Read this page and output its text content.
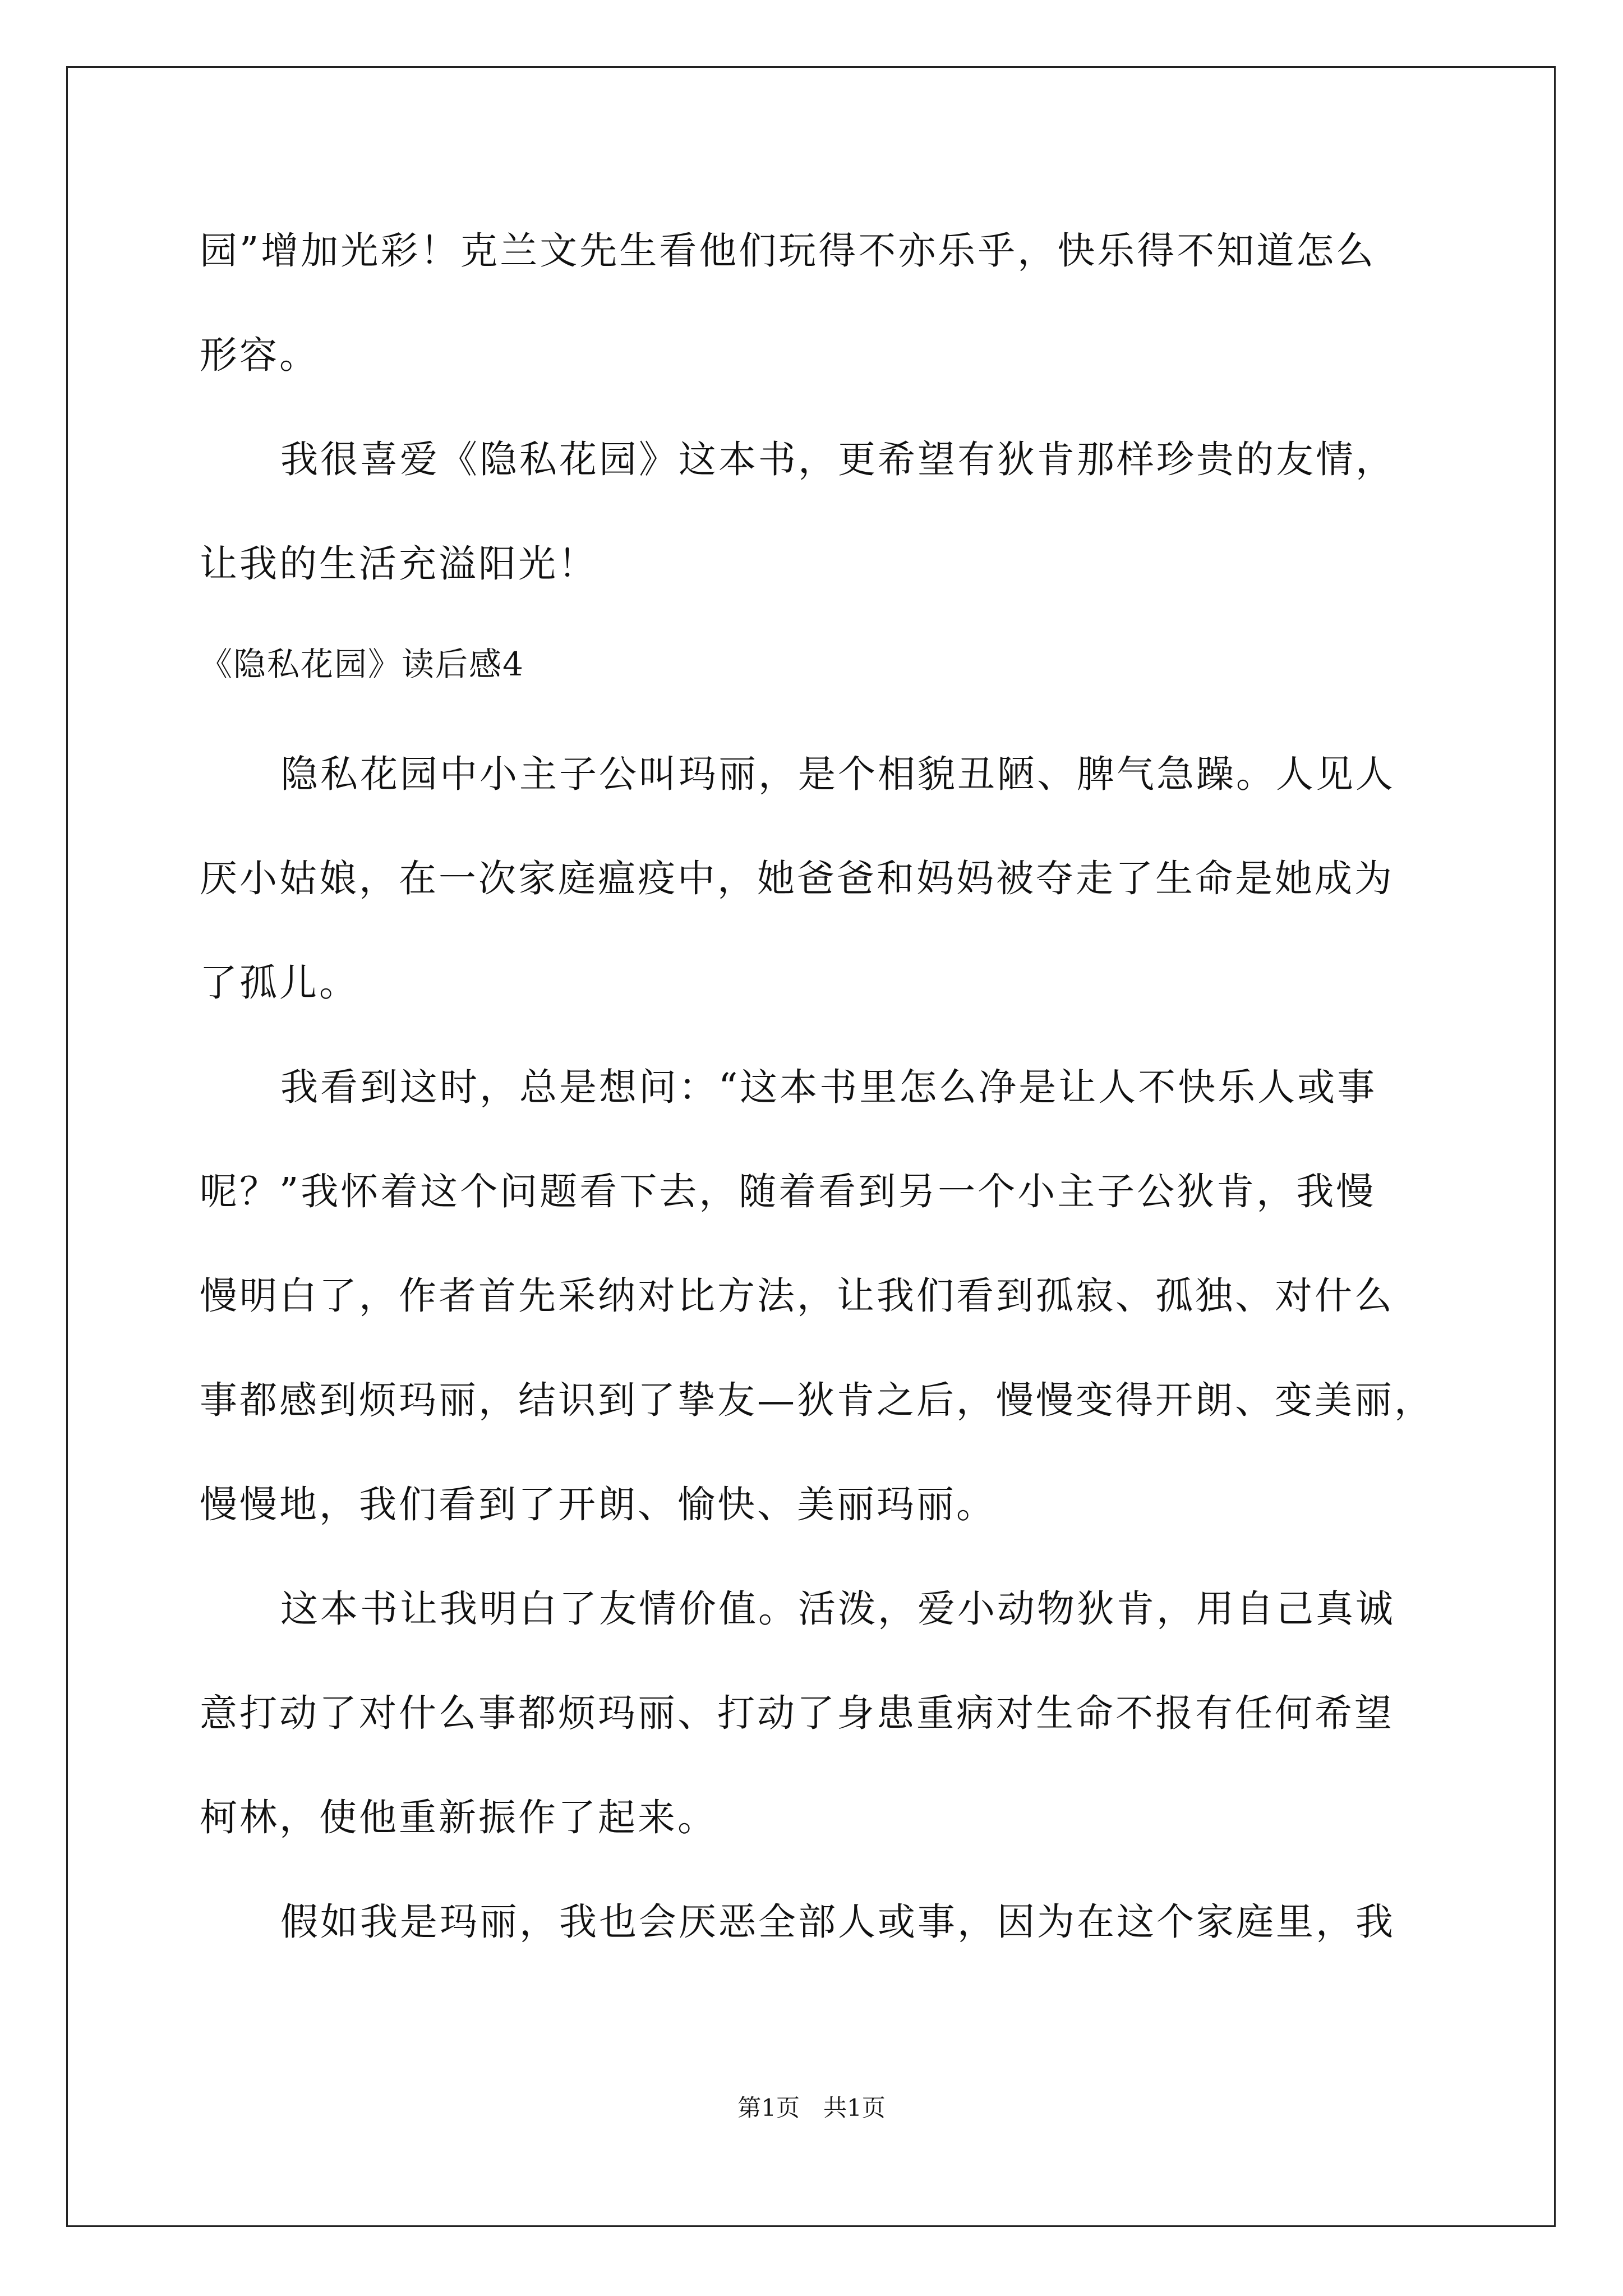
园”增加光彩！克兰文先生看他们玩得不亦乐乎，快乐得不知道怎么
形容。
我很喜爱《隐私花园》这本书，更希望有狄肯那样珍贵的友情，
让我的生活充溢阳光！
《隐私花园》读后感4
隐私花园中小主子公叫玛丽，是个相貌丑陋、脾气急躁。人见人
厌小姑娘，在一次家庭瘟疫中，她爸爸和妈妈被夺走了生命是她成为
了孤儿。
我看到这时，总是想问：“这本书里怎么净是让人不快乐人或事
呢？”我怀着这个问题看下去，随着看到另一个小主子公狄肯，我慢
慢明白了，作者首先采纳对比方法，让我们看到孤寂、孤独、对什么
事都感到烦玛丽，结识到了挚友—狄肯之后，慢慢变得开朗、变美丽，
慢慢地，我们看到了开朗、愉快、美丽玛丽。
这本书让我明白了友情价值。活泼，爱小动物狄肯，用自己真诚
意打动了对什么事都烦玛丽、打动了身患重病对生命不报有任何希望
柯林，使他重新振作了起来。
假如我是玛丽，我也会厌恶全部人或事，因为在这个家庭里，我
第1页　共1页
